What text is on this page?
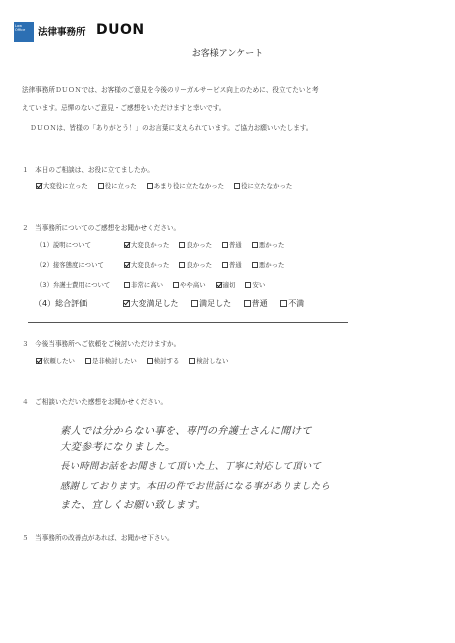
Law Office	法律事務所 DUON
お客様アンケート
法律事務所ＤＵＯＮでは、お客様のご意見を今後のリーガルサービス向上のために、役立てたいと考
えています。忌憚のないご意見・ご感想をいただけますと幸いです。
ＤＵＯＮは、皆様の「ありがとう！」のお言葉に支えられています。ご協力お願いいたします。
１　本日のご相談は、お役に立てましたか。
大変役に立った	役に立った	あまり役に立たなかった	役に立たなかった
２　当事務所についてのご感想をお聞かせください。
（1）説明について	大変良かった	良かった	普通	悪かった
（2）接客態度について	大変良かった	良かった	普通	悪かった
（3）弁護士費用について	非常に高い	やや高い	適切	安い
（4）総合評価	大変満足した	満足した	普通	不満
３　今後当事務所へご依頼をご検討いただけますか。
依頼したい	是非検討したい	検討する	検討しない
４　ご相談いただいた感想をお聞かせください。
素人では分からない事を、専門の弁護士さんに聞けて
大変参考になりました。
長い時間お話をお聞きして頂いた上、丁寧に対応して頂いて
感謝しております。本田の件でお世話になる事がありましたら
また、宜しくお願い致します。
５　当事務所の改善点があれば、お聞かせ下さい。
